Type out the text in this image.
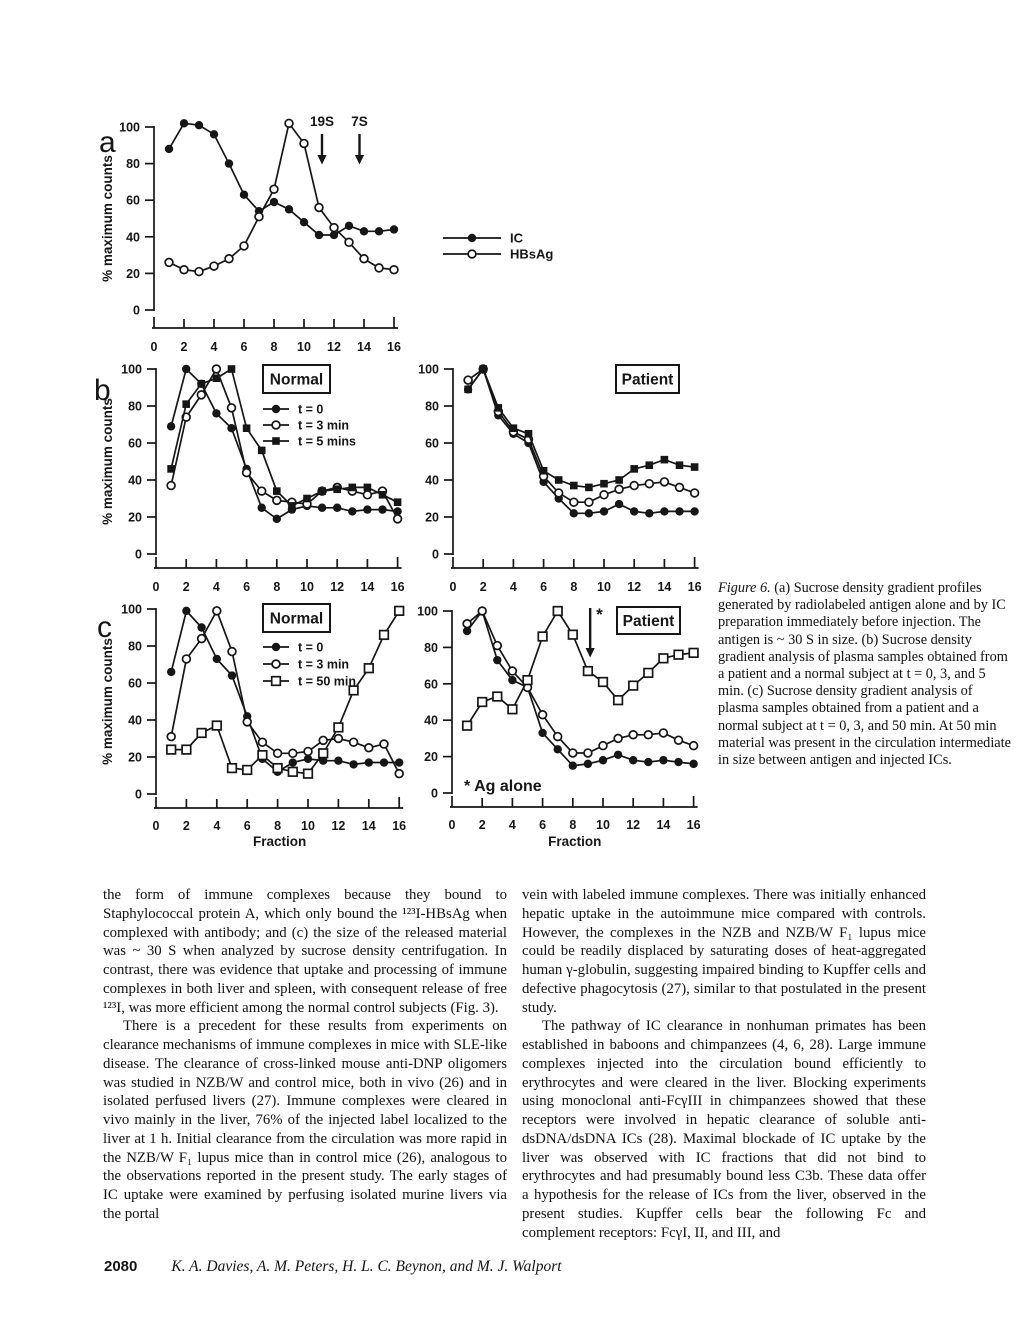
a
0
20
40
60
80
100
% maximum counts
0 2 4 6 8 10 12 14 16
IC
HBsAg
19S 7S
b
0
20
40
60
80
100
% maximum counts
0 2 4 6 8 10 12 14 16
Normal
t = 0
t = 3 min
t = 5 mins
0
20
40
60
80
100
0 2 4 6 8 10 12 14 16
Patient
c
0
20
40
60
80
100
% maximum counts
0 2 4 6 8 10 12 14 16
Fraction
Normal
t = 0
t = 3 min
t = 50 min
0
20
40
60
80
100
0 2 4 6 8 10 12 14 16
Fraction
Patient
*
* Ag alone
Figure 6. (a) Sucrose density gradient profiles generated by radiolabeled antigen alone and by IC preparation immediately before injection. The antigen is ~ 30 S in size. (b) Sucrose density gradient analysis of plasma samples obtained from a patient and a normal subject at t = 0, 3, and 5 min. (c) Sucrose density gradient analysis of plasma samples obtained from a patient and a normal subject at t = 0, 3, and 50 min. At 50 min material was present in the circulation intermediate in size between antigen and injected ICs.

the form of immune complexes because they bound to Staphylococcal protein A, which only bound the ¹²³I-HBsAg when complexed with antibody; and (c) the size of the released material was ~ 30 S when analyzed by sucrose density centrifugation. In contrast, there was evidence that uptake and processing of immune complexes in both liver and spleen, with consequent release of free ¹²³I, was more efficient among the normal control subjects (Fig. 3).

There is a precedent for these results from experiments on clearance mechanisms of immune complexes in mice with SLE-like disease. The clearance of cross-linked mouse anti-DNP oligomers was studied in NZB/W and control mice, both in vivo (26) and in isolated perfused livers (27). Immune complexes were cleared in vivo mainly in the liver, 76% of the injected label localized to the liver at 1 h. Initial clearance from the circulation was more rapid in the NZB/W F₁ lupus mice than in control mice (26), analogous to the observations reported in the present study. The early stages of IC uptake were examined by perfusing isolated murine livers via the portal

vein with labeled immune complexes. There was initially enhanced hepatic uptake in the autoimmune mice compared with controls. However, the complexes in the NZB and NZB/W F₁ lupus mice could be readily displaced by saturating doses of heat-aggregated human γ-globulin, suggesting impaired binding to Kupffer cells and defective phagocytosis (27), similar to that postulated in the present study.

The pathway of IC clearance in nonhuman primates has been established in baboons and chimpanzees (4, 6, 28). Large immune complexes injected into the circulation bound efficiently to erythrocytes and were cleared in the liver. Blocking experiments using monoclonal anti-FcγIII in chimpanzees showed that these receptors were involved in hepatic clearance of soluble anti-dsDNA/dsDNA ICs (28). Maximal blockade of IC uptake by the liver was observed with IC fractions that did not bind to erythrocytes and had presumably bound less C3b. These data offer a hypothesis for the release of ICs from the liver, observed in the present studies. Kupffer cells bear the following Fc and complement receptors: FcγI, II, and III, and

2080 K. A. Davies, A. M. Peters, H. L. C. Beynon, and M. J. Walport
